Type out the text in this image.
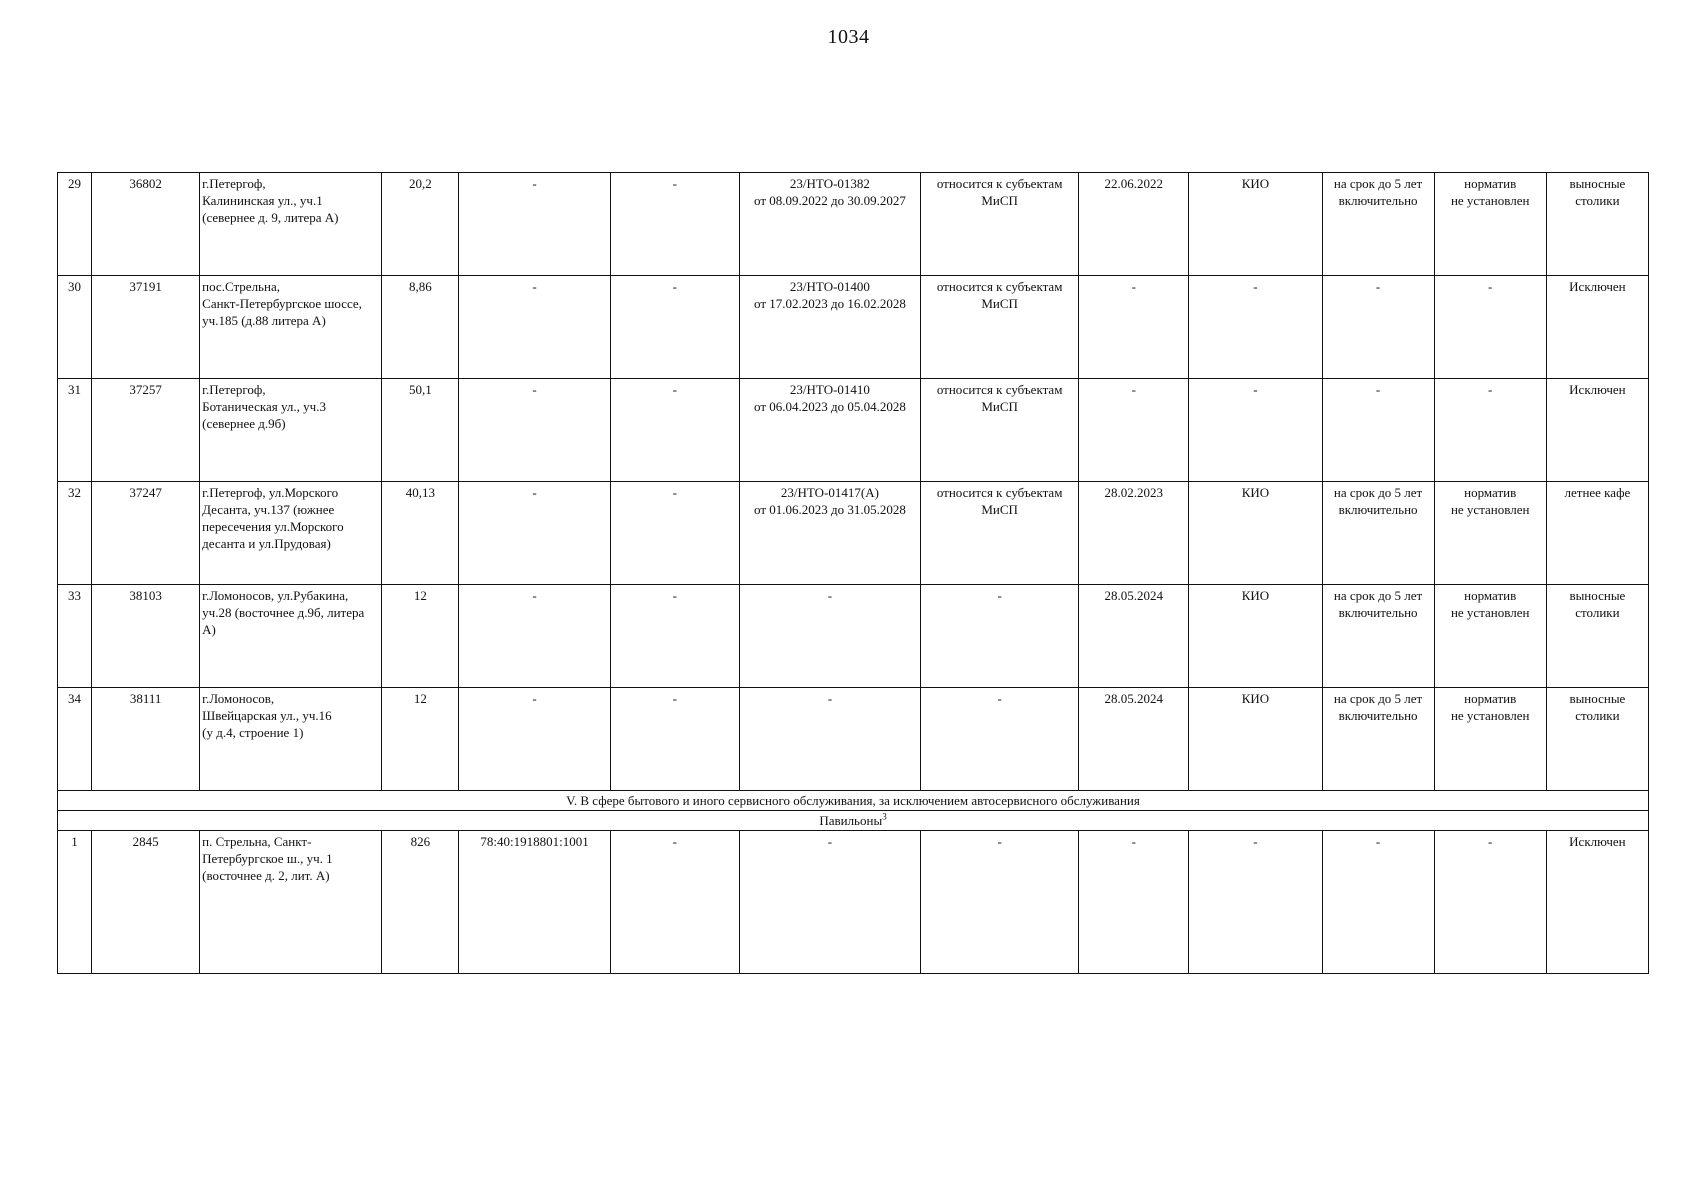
1034
29	36802	г.Петергоф,
Калининская ул., уч.1
(севернее д. 9, литера А)	20,2	-	-	23/НТО-01382
от 08.09.2022 до 30.09.2027	относится к субъектам
МиСП	22.06.2022	КИО	на срок до 5 лет
включительно	норматив
не установлен	выносные
столики
30	37191	пос.Стрельна,
Санкт-Петербургское шоссе,
уч.185 (д.88 литера А)	8,86	-	-	23/НТО-01400
от 17.02.2023 до 16.02.2028	относится к субъектам
МиСП	-	-	-	-	Исключен
31	37257	г.Петергоф,
Ботаническая ул., уч.3
(севернее д.9б)	50,1	-	-	23/НТО-01410
от 06.04.2023 до 05.04.2028	относится к субъектам
МиСП	-	-	-	-	Исключен
32	37247	г.Петергоф, ул.Морского
Десанта, уч.137 (южнее
пересечения ул.Морского
десанта и ул.Прудовая)	40,13	-	-	23/НТО-01417(А)
от 01.06.2023 до 31.05.2028	относится к субъектам
МиСП	28.02.2023	КИО	на срок до 5 лет
включительно	норматив
не установлен	летнее кафе
33	38103	г.Ломоносов, ул.Рубакина,
уч.28 (восточнее д.9б, литера
А)	12	-	-	-	-	28.05.2024	КИО	на срок до 5 лет
включительно	норматив
не установлен	выносные
столики
34	38111	г.Ломоносов,
Швейцарская ул., уч.16
(у д.4, строение 1)	12	-	-	-	-	28.05.2024	КИО	на срок до 5 лет
включительно	норматив
не установлен	выносные
столики
V. В сфере бытового и иного сервисного обслуживания, за исключением автосервисного обслуживания												
Павильоны$^3$
1	2845	п. Стрельна, Санкт-
Петербургское ш., уч. 1
(восточнее д. 2, лит. А)	826	78:40:1918801:1001	-	-	-	-	-	-	-	Исключен
